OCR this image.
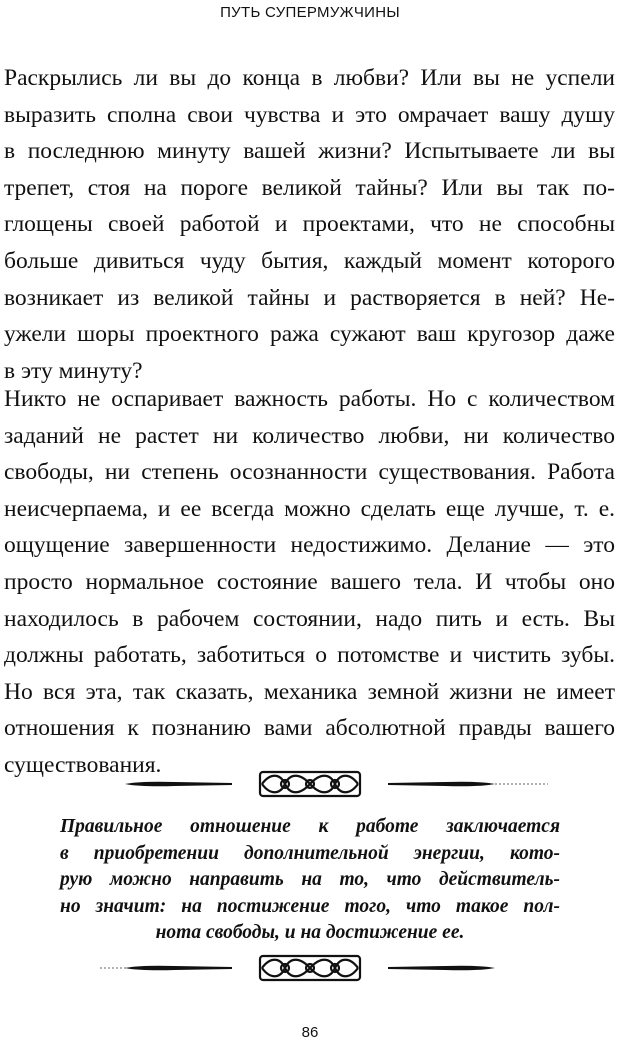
ПУТЬ СУПЕРМУЖЧИНЫ
Раскрылись ли вы до конца в любви? Или вы не успели
выразить сполна свои чувства и это омрачает вашу душу
в последнюю минуту вашей жизни? Испытываете ли вы
трепет, стоя на пороге великой тайны? Или вы так по-
глощены своей работой и проектами, что не способны
больше дивиться чуду бытия, каждый момент которого
возникает из великой тайны и растворяется в ней? Не-
ужели шоры проектного ража сужают ваш кругозор даже
в эту минуту?
Никто не оспаривает важность работы. Но с количеством
заданий не растет ни количество любви, ни количество
свободы, ни степень осознанности существования. Работа
неисчерпаема, и ее всегда можно сделать еще лучше, т. е.
ощущение завершенности недостижимо. Делание — это
просто нормальное состояние вашего тела. И чтобы оно
находилось в рабочем состоянии, надо пить и есть. Вы
должны работать, заботиться о потомстве и чистить зубы.
Но вся эта, так сказать, механика земной жизни не имеет
отношения к познанию вами абсолютной правды вашего
существования.
Правильное отношение к работе заключается
в приобретении дополнительной энергии, кото-
рую можно направить на то, что действитель-
но значит: на постижение того, что такое пол-
нота свободы, и на достижение ее.
86
